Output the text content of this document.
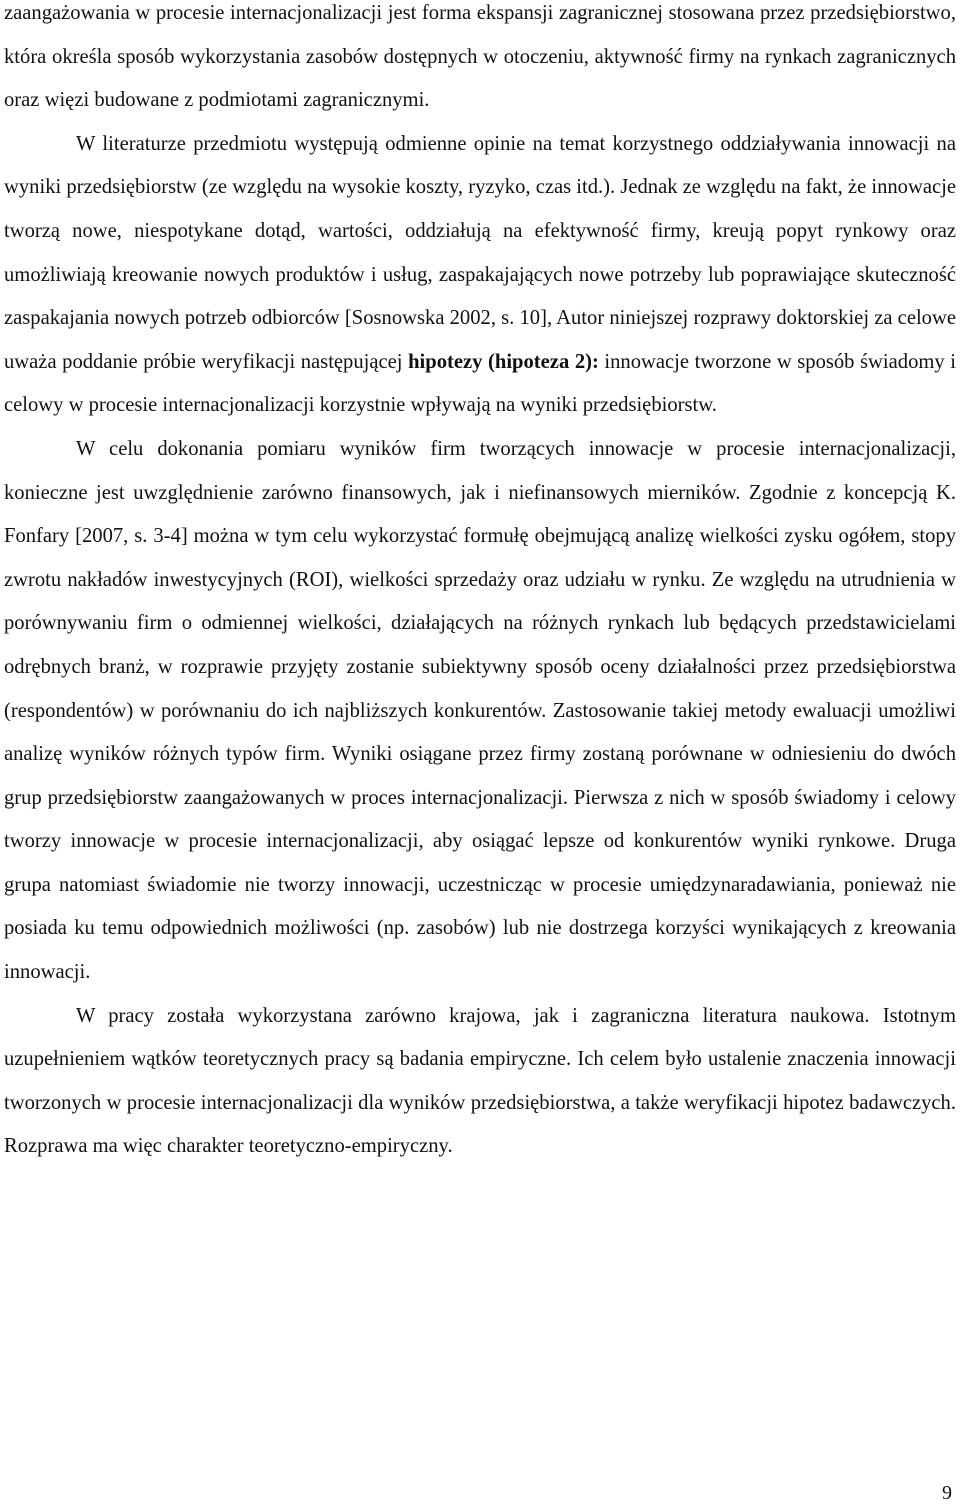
zaangażowania w procesie internacjonalizacji jest forma ekspansji zagranicznej stosowana przez przedsiębiorstwo, która określa sposób wykorzystania zasobów dostępnych w otoczeniu, aktywność firmy na rynkach zagranicznych oraz więzi budowane z podmiotami zagranicznymi.

W literaturze przedmiotu występują odmienne opinie na temat korzystnego oddziaływania innowacji na wyniki przedsiębiorstw (ze względu na wysokie koszty, ryzyko, czas itd.). Jednak ze względu na fakt, że innowacje tworzą nowe, niespotykane dotąd, wartości, oddziałują na efektywność firmy, kreują popyt rynkowy oraz umożliwiają kreowanie nowych produktów i usług, zaspakajających nowe potrzeby lub poprawiające skuteczność zaspakajania nowych potrzeb odbiorców [Sosnowska 2002, s. 10], Autor niniejszej rozprawy doktorskiej za celowe uważa poddanie próbie weryfikacji następującej hipotezy (hipoteza 2): innowacje tworzone w sposób świadomy i celowy w procesie internacjonalizacji korzystnie wpływają na wyniki przedsiębiorstw.

W celu dokonania pomiaru wyników firm tworzących innowacje w procesie internacjonalizacji, konieczne jest uwzględnienie zarówno finansowych, jak i niefinansowych mierników. Zgodnie z koncepcją K. Fonfary [2007, s. 3-4] można w tym celu wykorzystać formułę obejmującą analizę wielkości zysku ogółem, stopy zwrotu nakładów inwestycyjnych (ROI), wielkości sprzedaży oraz udziału w rynku. Ze względu na utrudnienia w porównywaniu firm o odmiennej wielkości, działających na różnych rynkach lub będących przedstawicielami odrębnych branż, w rozprawie przyjęty zostanie subiektywny sposób oceny działalności przez przedsiębiorstwa (respondentów) w porównaniu do ich najbliższych konkurentów. Zastosowanie takiej metody ewaluacji umożliwi analizę wyników różnych typów firm. Wyniki osiągane przez firmy zostaną porównane w odniesieniu do dwóch grup przedsiębiorstw zaangażowanych w proces internacjonalizacji. Pierwsza z nich w sposób świadomy i celowy tworzy innowacje w procesie internacjonalizacji, aby osiągać lepsze od konkurentów wyniki rynkowe. Druga grupa natomiast świadomie nie tworzy innowacji, uczestnicząc w procesie umiędzynaradawiania, ponieważ nie posiada ku temu odpowiednich możliwości (np. zasobów) lub nie dostrzega korzyści wynikających z kreowania innowacji.

W pracy została wykorzystana zarówno krajowa, jak i zagraniczna literatura naukowa. Istotnym uzupełnieniem wątków teoretycznych pracy są badania empiryczne. Ich celem było ustalenie znaczenia innowacji tworzonych w procesie internacjonalizacji dla wyników przedsiębiorstwa, a także weryfikacji hipotez badawczych. Rozprawa ma więc charakter teoretyczno-empiryczny.

9
